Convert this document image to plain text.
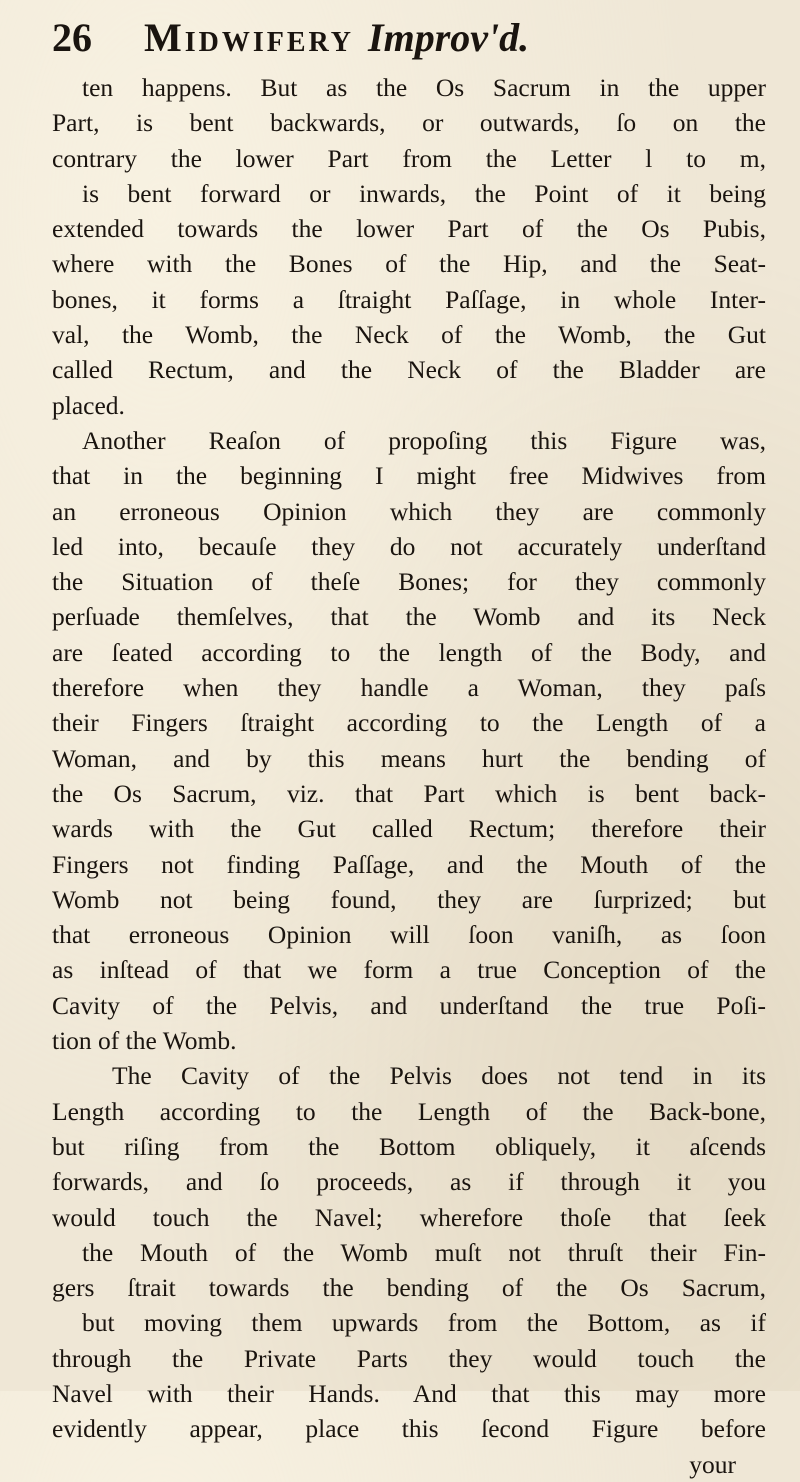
26	Midwifery Improv'd.
ten happens. But as the Os Sacrum in the upper
Part, is bent backwards, or outwards, ſo on the
contrary the lower Part from the Letter l to m,
is bent forward or inwards, the Point of it being
extended towards the lower Part of the Os Pubis,
where with the Bones of the Hip, and the Seat-
bones, it forms a ſtraight Paſſage, in whole Inter-
val, the Womb, the Neck of the Womb, the Gut
called Rectum, and the Neck of the Bladder are
placed.
Another Reaſon of propoſing this Figure was,
that in the beginning I might free Midwives from
an erroneous Opinion which they are commonly
led into, becauſe they do not accurately underſtand
the Situation of theſe Bones; for they commonly
perſuade themſelves, that the Womb and its Neck
are ſeated according to the length of the Body, and
therefore when they handle a Woman, they paſs
their Fingers ſtraight according to the Length of a
Woman, and by this means hurt the bending of
the Os Sacrum, viz. that Part which is bent back-
wards with the Gut called Rectum; therefore their
Fingers not finding Paſſage, and the Mouth of the
Womb not being found, they are ſurprized; but
that erroneous Opinion will ſoon vaniſh, as ſoon
as inſtead of that we form a true Conception of the
Cavity of the Pelvis, and underſtand the true Poſi-
tion of the Womb.
The Cavity of the Pelvis does not tend in its
Length according to the Length of the Back-bone,
but riſing from the Bottom obliquely, it aſcends
forwards, and ſo proceeds, as if through it you
would touch the Navel; wherefore thoſe that ſeek
the Mouth of the Womb muſt not thruſt their Fin-
gers ſtrait towards the bending of the Os Sacrum,
but moving them upwards from the Bottom, as if
through the Private Parts they would touch the
Navel with their Hands. And that this may more
evidently appear, place this ſecond Figure before
your
